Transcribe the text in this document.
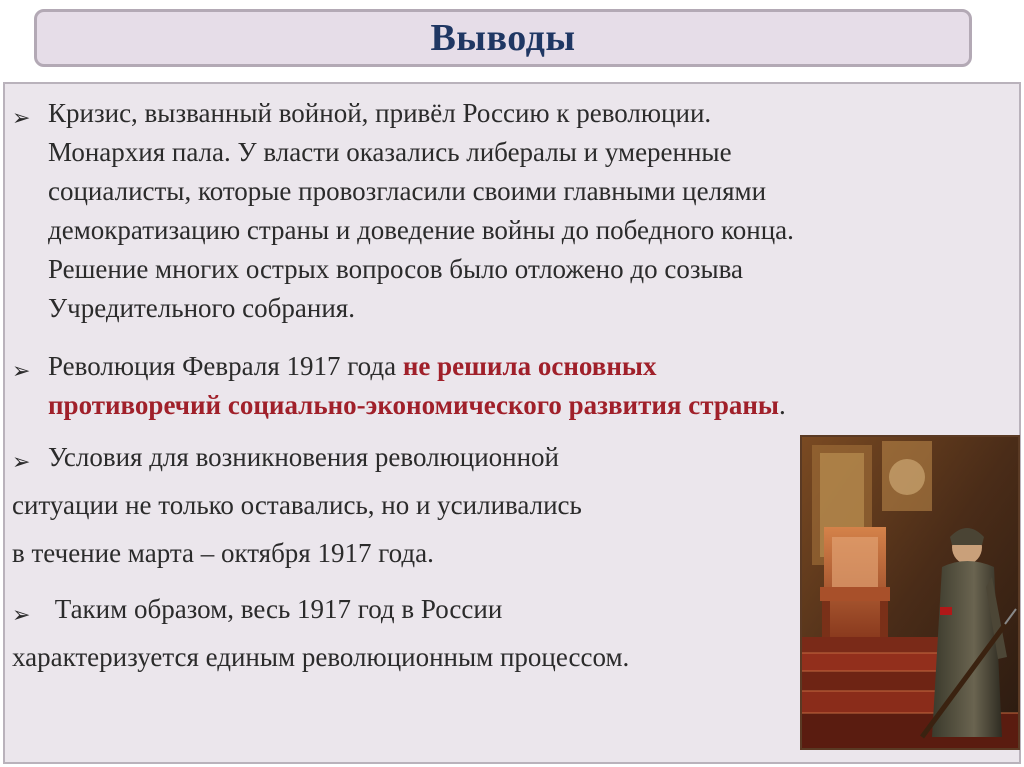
Выводы
➢ Кризис, вызванный войной, привёл Россию к революции.
Монархия пала. У власти оказались либералы и умеренные
социалисты, которые провозгласили своими главными целями
демократизацию страны и доведение войны до победного конца.
Решение многих острых вопросов было отложено до созыва
Учредительного собрания.
➢ Революция Февраля 1917 года не решила основных
противоречий социально-экономического развития страны.
➢ Условия для возникновения революционной
ситуации не только оставались, но и усиливались
в течение марта – октября 1917 года.
➢ Таким образом, весь 1917 год в России
характеризуется единым революционным процессом.
